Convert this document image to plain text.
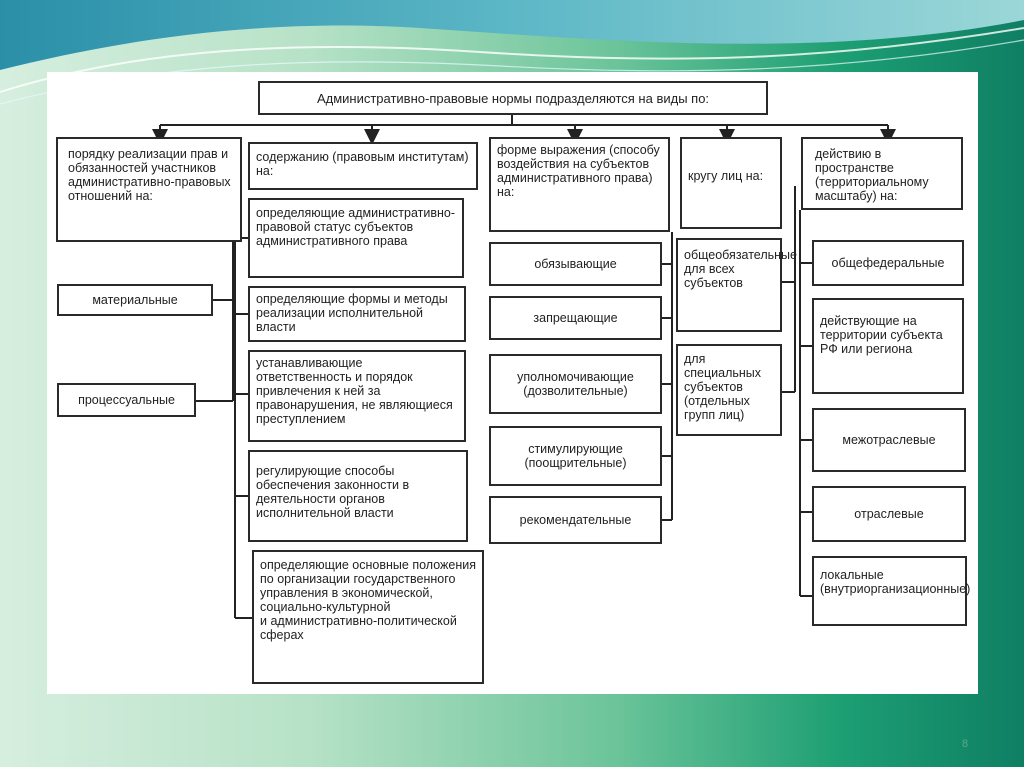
Административно-правовые нормы подразделяются на виды по:
порядку реализации прав и обязанностей участников административно-правовых отношений на:
материальные
процессуальные
содержанию (правовым институтам) на:
определяющие административно-правовой статус субъектов административного права
определяющие формы и методы реализации исполнительной власти
устанавливающие ответственность и порядок привлечения к ней за правонарушения, не являющиеся преступлением
регулирующие способы обеспечения законности в деятельности органов исполнительной власти
определяющие основные положения по организации государственного управления в экономической, социально-культурной
и административно-политической сферах
форме выражения (способу воздействия на субъектов административного права) на:
обязывающие
запрещающие
уполномочивающие (дозволительные)
стимулирующие (поощрительные)
рекомендательные
кругу лиц на:
общеобязательные для всех субъектов
для специальных субъектов (отдельных групп лиц)
действию в пространстве (территориальному масштабу) на:
общефедеральные
действующие на территории субъекта РФ или региона
межотраслевые
отраслевые
локальные (внутриорганизационные)
8
